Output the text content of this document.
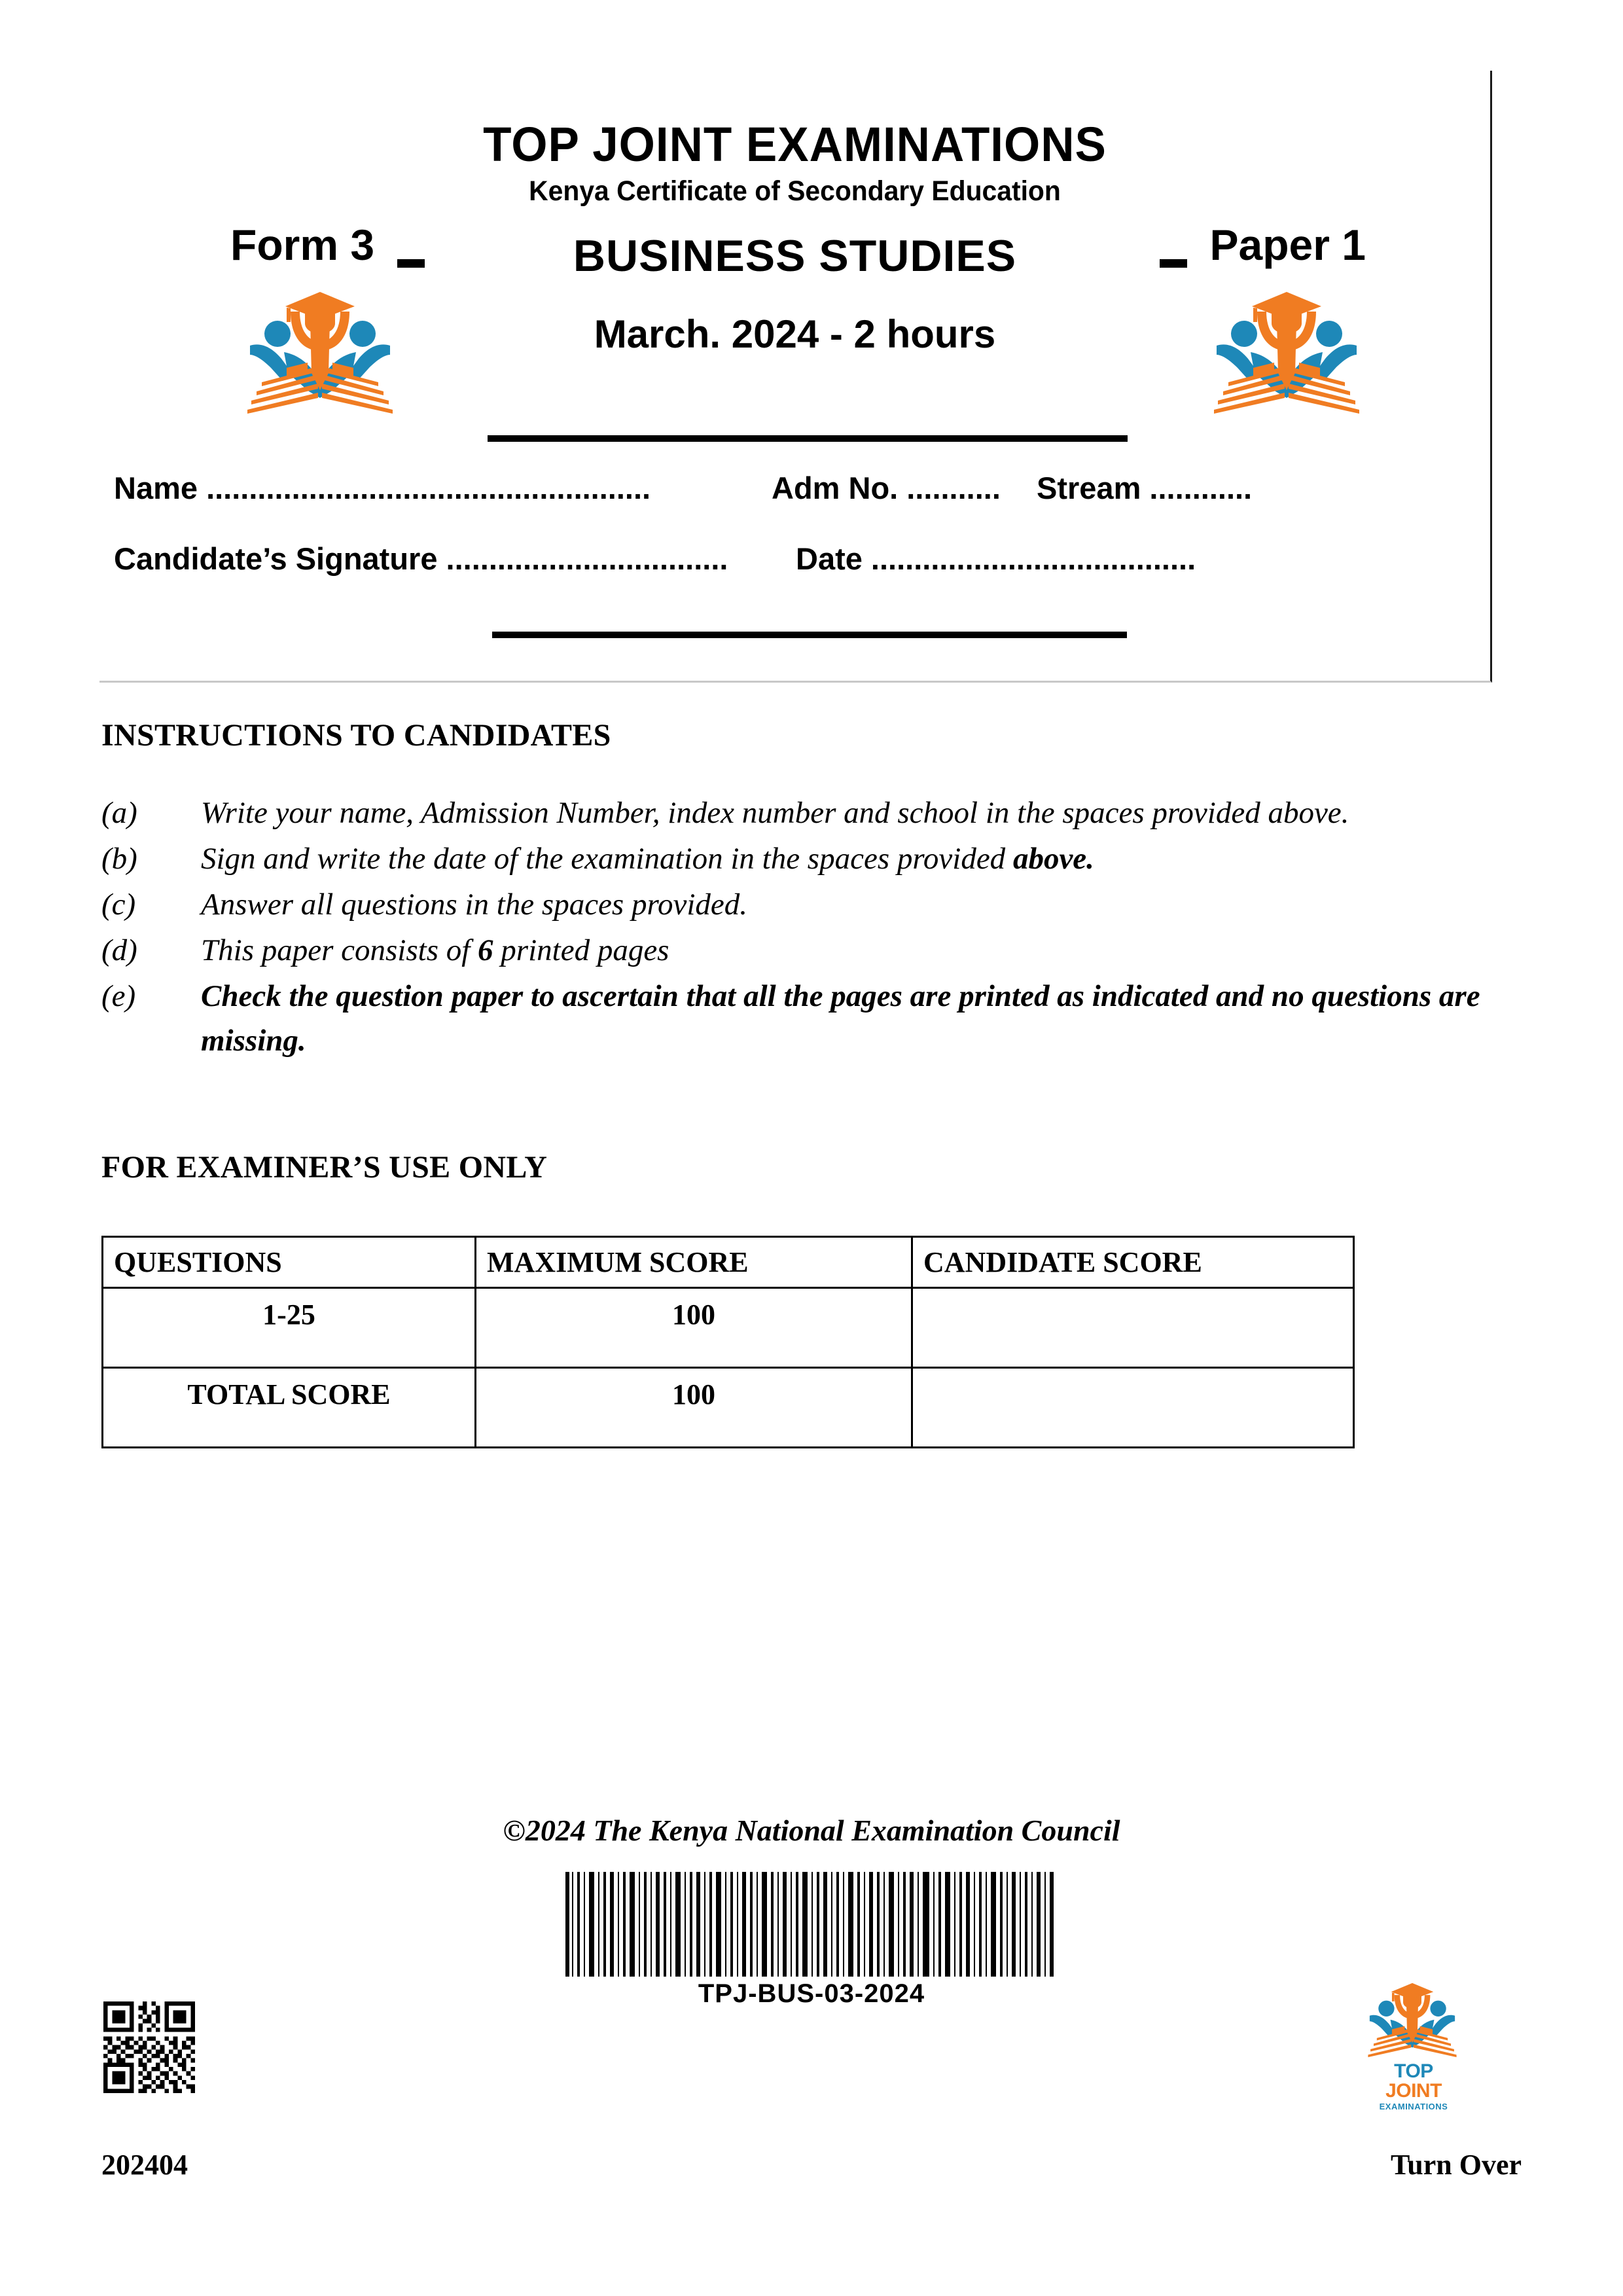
TOP JOINT EXAMINATIONS
Kenya Certificate of Secondary Education
Form 3	BUSINESS STUDIES	Paper 1
March. 2024 - 2 hours
Name ....................................................	Adm No. ........... Stream ............
Candidate’s Signature ................................. Date ......................................
INSTRUCTIONS TO CANDIDATES
(a)	Write your name, Admission Number, index number and school in the spaces provided above.
(b)	Sign and write the date of the examination in the spaces provided above.
(c)	Answer all questions in the spaces provided.
(d)	This paper consists of 6 printed pages
(e)	Check the question paper to ascertain that all the pages are printed as indicated and no questions are missing.
FOR EXAMINER’S USE ONLY
QUESTIONS	MAXIMUM SCORE	CANDIDATE SCORE
1-25	100	
TOTAL SCORE	100	
©2024 The Kenya National Examination Council
TPJ-BUS-03-2024
TOP JOINT
EXAMINATIONS
202404	Turn Over
